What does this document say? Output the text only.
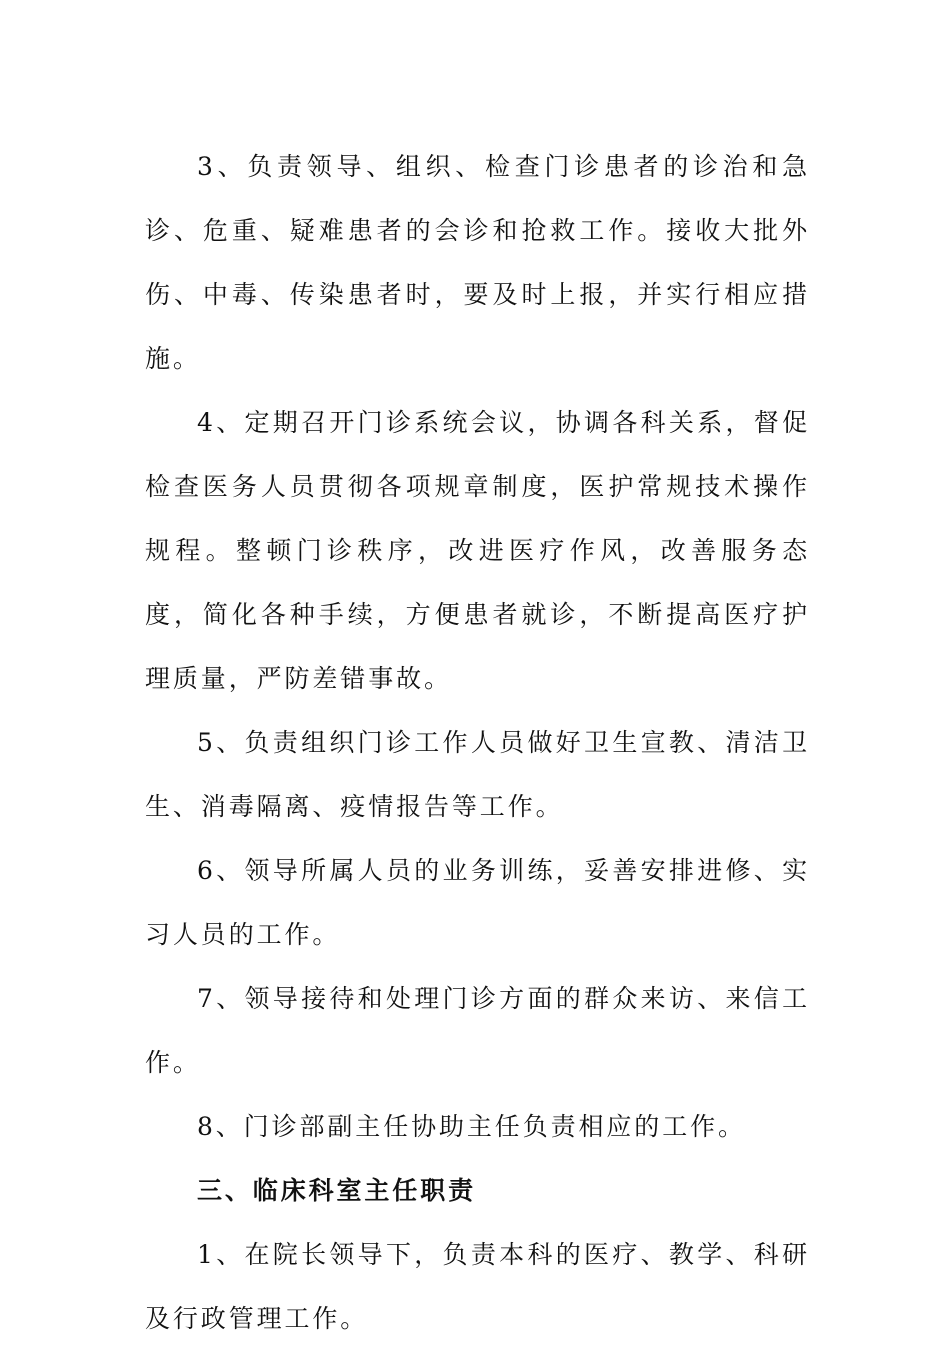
3、负责领导、组织、检查门诊患者的诊治和急诊、危重、疑难患者的会诊和抢救工作。接收大批外伤、中毒、传染患者时，要及时上报，并实行相应措施。

4、定期召开门诊系统会议，协调各科关系，督促检查医务人员贯彻各项规章制度，医护常规技术操作规程。整顿门诊秩序，改进医疗作风，改善服务态度，简化各种手续，方便患者就诊，不断提高医疗护理质量，严防差错事故。

5、负责组织门诊工作人员做好卫生宣教、清洁卫生、消毒隔离、疫情报告等工作。

6、领导所属人员的业务训练，妥善安排进修、实习人员的工作。

7、领导接待和处理门诊方面的群众来访、来信工作。

8、门诊部副主任协助主任负责相应的工作。

三、临床科室主任职责

1、在院长领导下，负责本科的医疗、教学、科研及行政管理工作。
